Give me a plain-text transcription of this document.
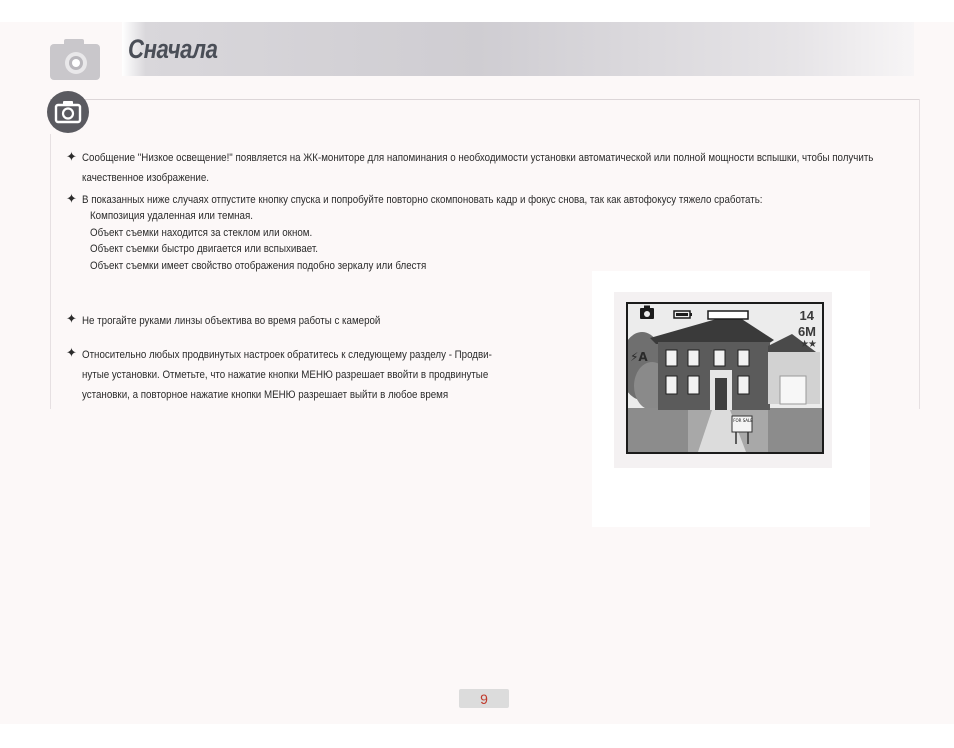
Сначала
✦ Сообщение "Низкое освещение!" появляется на ЖК-мониторе для напоминания о необходимости установки автоматической или полной мощности вспышки, чтобы получить
качественное изображение.
✦ В показанных ниже случаях отпустите кнопку спуска и попробуйте повторно скомпоновать кадр и фокус снова, так как автофокусу тяжело сработать:
Композиция удаленная или темная.
Объект съемки находится за стеклом или окном.
Объект съемки быстро двигается или вспыхивает.
Объект съемки имеет свойство отображения подобно зеркалу или блестя
✦ Не трогайте руками линзы объектива во время работы с камерой
✦ Относительно любых продвинутых настроек обратитесь к следующему разделу - Продви-
нутые установки. Отметьте, что нажатие кнопки МЕНЮ разрешает ввойти в продвинутые
установки, а повторное нажатие кнопки МЕНЮ разрешает выйти в любое время
14
6M
★★
⚡A
FOR SALE
9
